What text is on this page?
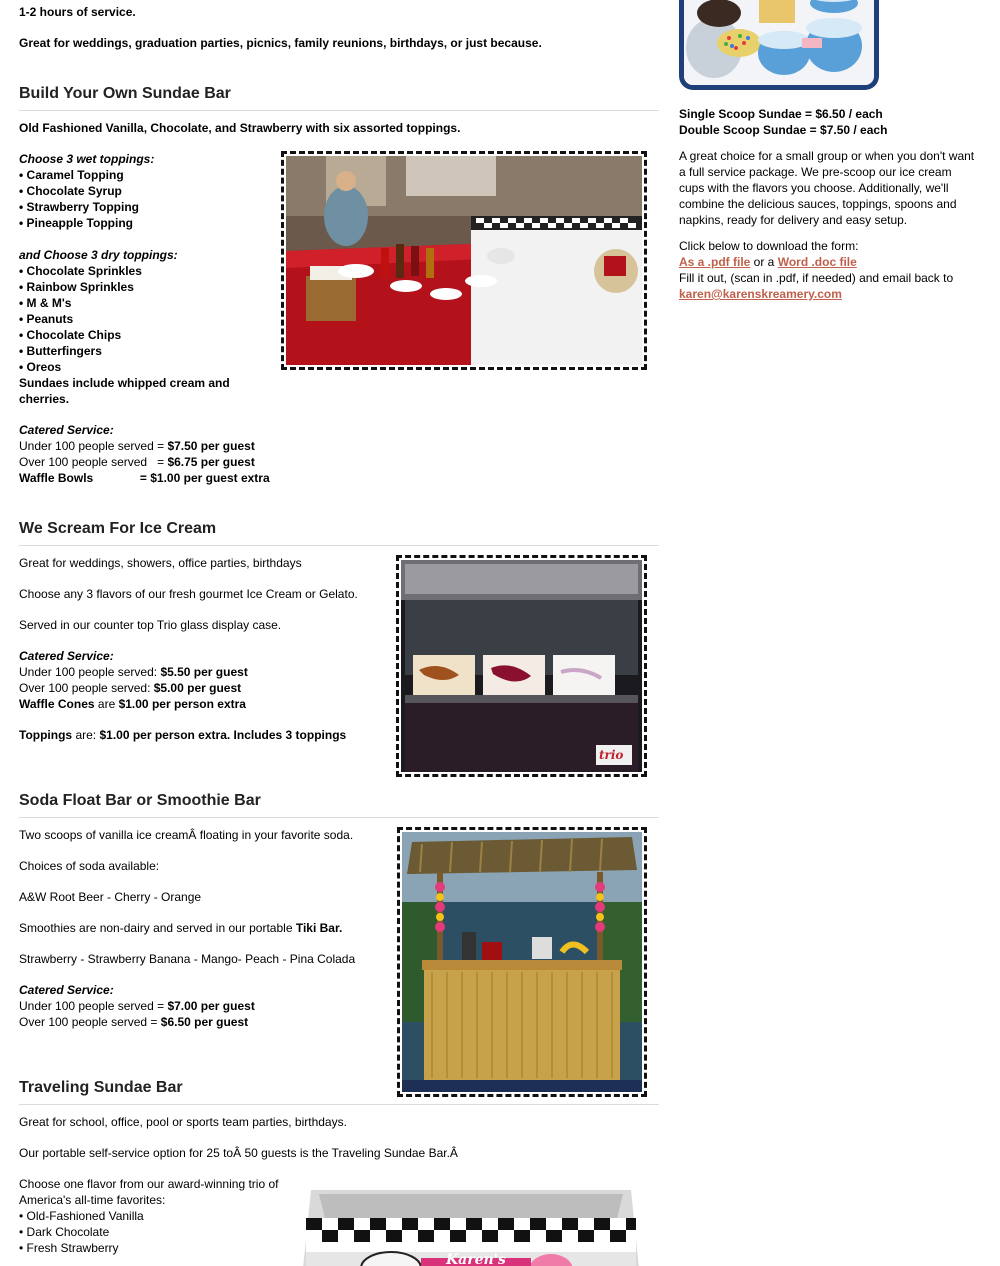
1-2 hours of service.
Great for weddings, graduation parties, picnics, family reunions, birthdays, or just because.
Build Your Own Sundae Bar
Old Fashioned Vanilla, Chocolate, and Strawberry with six assorted toppings.
Choose 3 wet toppings:
• Caramel Topping
• Chocolate Syrup
• Strawberry Topping
• Pineapple Topping
and Choose 3 dry toppings:
• Chocolate Sprinkles
• Rainbow Sprinkles
• M & M's
• Peanuts
• Chocolate Chips
• Butterfingers
• Oreos
Sundaes include whipped cream and
cherries.
Catered Service:
Under 100 people served = $7.50 per guest
Over 100 people served   = $6.75 per guest
Waffle Bowls              = $1.00 per guest extra
We Scream For Ice Cream
Great for weddings, showers, office parties, birthdays
Choose any 3 flavors of our fresh gourmet Ice Cream or Gelato.
Served in our counter top Trio glass display case.
Catered Service:
Under 100 people served: $5.50 per guest
Over 100 people served: $5.00 per guest
Waffle Cones are $1.00 per person extra
Toppings are: $1.00 per person extra. Includes 3 toppings
trio
Soda Float Bar or Smoothie Bar
Two scoops of vanilla ice creamÂ floating in your favorite soda.
Choices of soda available:
A&W Root Beer - Cherry - Orange
Smoothies are non-dairy and served in our portable Tiki Bar.
Strawberry - Strawberry Banana - Mango- Peach - Pina Colada
Catered Service:
Under 100 people served = $7.00 per guest
Over 100 people served = $6.50 per guest
Traveling Sundae Bar
Great for school, office, pool or sports team parties, birthdays.
Our portable self-service option for 25 toÂ 50 guests is the Traveling Sundae Bar.Â
Choose one flavor from our award-winning trio of
America's all-time favorites:
• Old-Fashioned Vanilla
• Dark Chocolate
• Fresh Strawberry
Karen's
Single Scoop Sundae = $6.50 / each
Double Scoop Sundae = $7.50 / each
A great choice for a small group or when you don't want a full service package. We pre-scoop our ice cream cups with the flavors you choose. Additionally, we'll combine the delicious sauces, toppings, spoons and napkins, ready for delivery and easy setup.
Click below to download the form:
As a .pdf file or a Word .doc file
Fill it out, (scan in .pdf, if needed) and email back to
karen@karenskreamery.com
